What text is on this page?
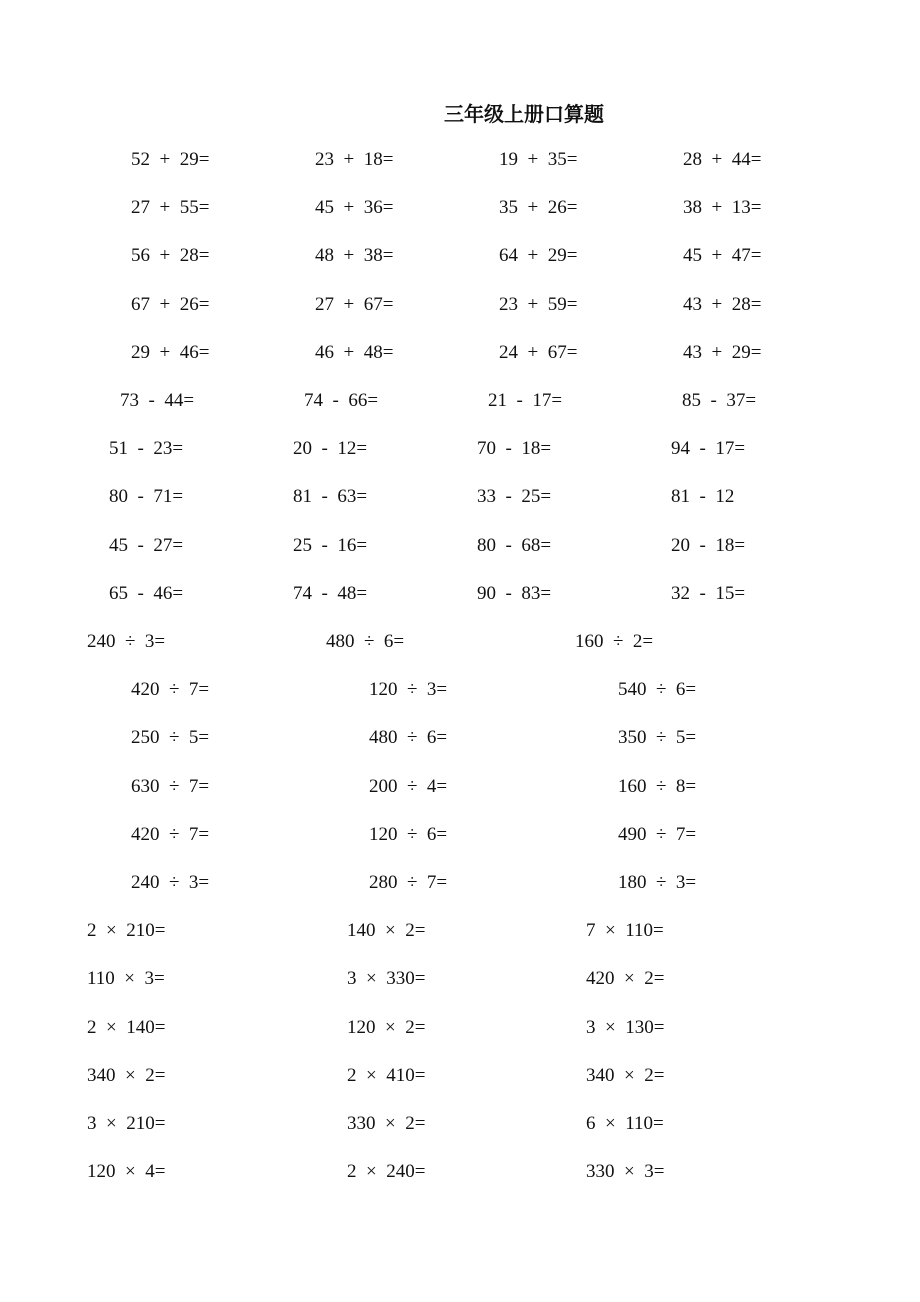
三年级上册口算题
52  +  29=	23  +  18=	19  +  35=	28  +  44=
27  +  55=	45  +  36=	35  +  26=	38  +  13=
56  +  28=	48  +  38=	64  +  29=	45  +  47=
67  +  26=	27  +  67=	23  +  59=	43  +  28=
29  +  46=	46  +  48=	24  +  67=	43  +  29=
73  -  44=	74  -  66=	21  -  17=	85  -  37=
51  -  23=	20  -  12=	70  -  18=	94  -  17=
80  -  71=	81  -  63=	33  -  25=	81  -  12
45  -  27=	25  -  16=	80  -  68=	20  -  18=
65  -  46=	74  -  48=	90  -  83=	32  -  15=
240  ÷  3=	480  ÷  6=	160  ÷  2=
420  ÷  7=	120  ÷  3=	540  ÷  6=
250  ÷  5=	480  ÷  6=	350  ÷  5=
630  ÷  7=	200  ÷  4=	160  ÷  8=
420  ÷  7=	120  ÷  6=	490  ÷  7=
240  ÷  3=	280  ÷  7=	180  ÷  3=
2  ×  210=	140  ×  2=	7  ×  110=
110  ×  3=	3  ×  330=	420  ×  2=
2  ×  140=	120  ×  2=	3  ×  130=
340  ×  2=	2  ×  410=	340  ×  2=
3  ×  210=	330  ×  2=	6  ×  110=
120  ×  4=	2  ×  240=	330  ×  3=
